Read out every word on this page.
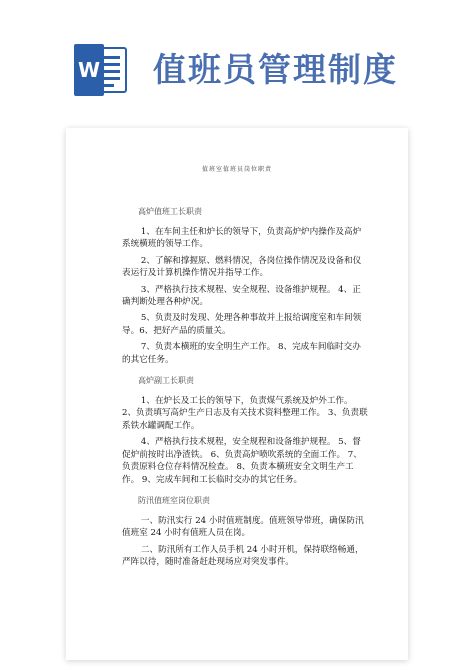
W 值班员管理制度
值班室值班员岗位职责
高炉值班工长职责

1、在车间主任和炉长的领导下，负责高炉炉内操作及高炉系统横班的领导工作。

2、了解和撑握原、燃料情况，各岗位操作情况及设备和仪表运行及计算机操作情况并指导工作。

3、严格执行技术规程、安全规程、设备维护规程。 4、正确判断处理各种炉况。

5、负责及时发现、处理各种事故并上报给调度室和车间领导。6、把好产品的质量关。

7、负责本横班的安全明生产工作。 8、完成车间临时交办的其它任务。

高炉副工长职责

1、在炉长及工长的领导下，负责煤气系统及炉外工作。 2、负责填写高炉生产日志及有关技术资料整理工作。 3、负责联系铁水罐调配工作。

4、严格执行技术规程，安全规程和设备维护规程。 5、督促炉前按时出净渣铁。 6、负责高炉喷吹系统的全面工作。 7、负责原料仓位存料情况检查。 8、负责本横班安全文明生产工作。 9、完成车间和工长临时交办的其它任务。

防汛值班室岗位职责

一、防汛实行 24 小时值班制度。值班领导带班，确保防汛值班室 24 小时有值班人员在岗。

二、防汛所有工作人员手机 24 小时开机，保持联络畅通，严阵以待，随时准备赶赴现场应对突发事件。
